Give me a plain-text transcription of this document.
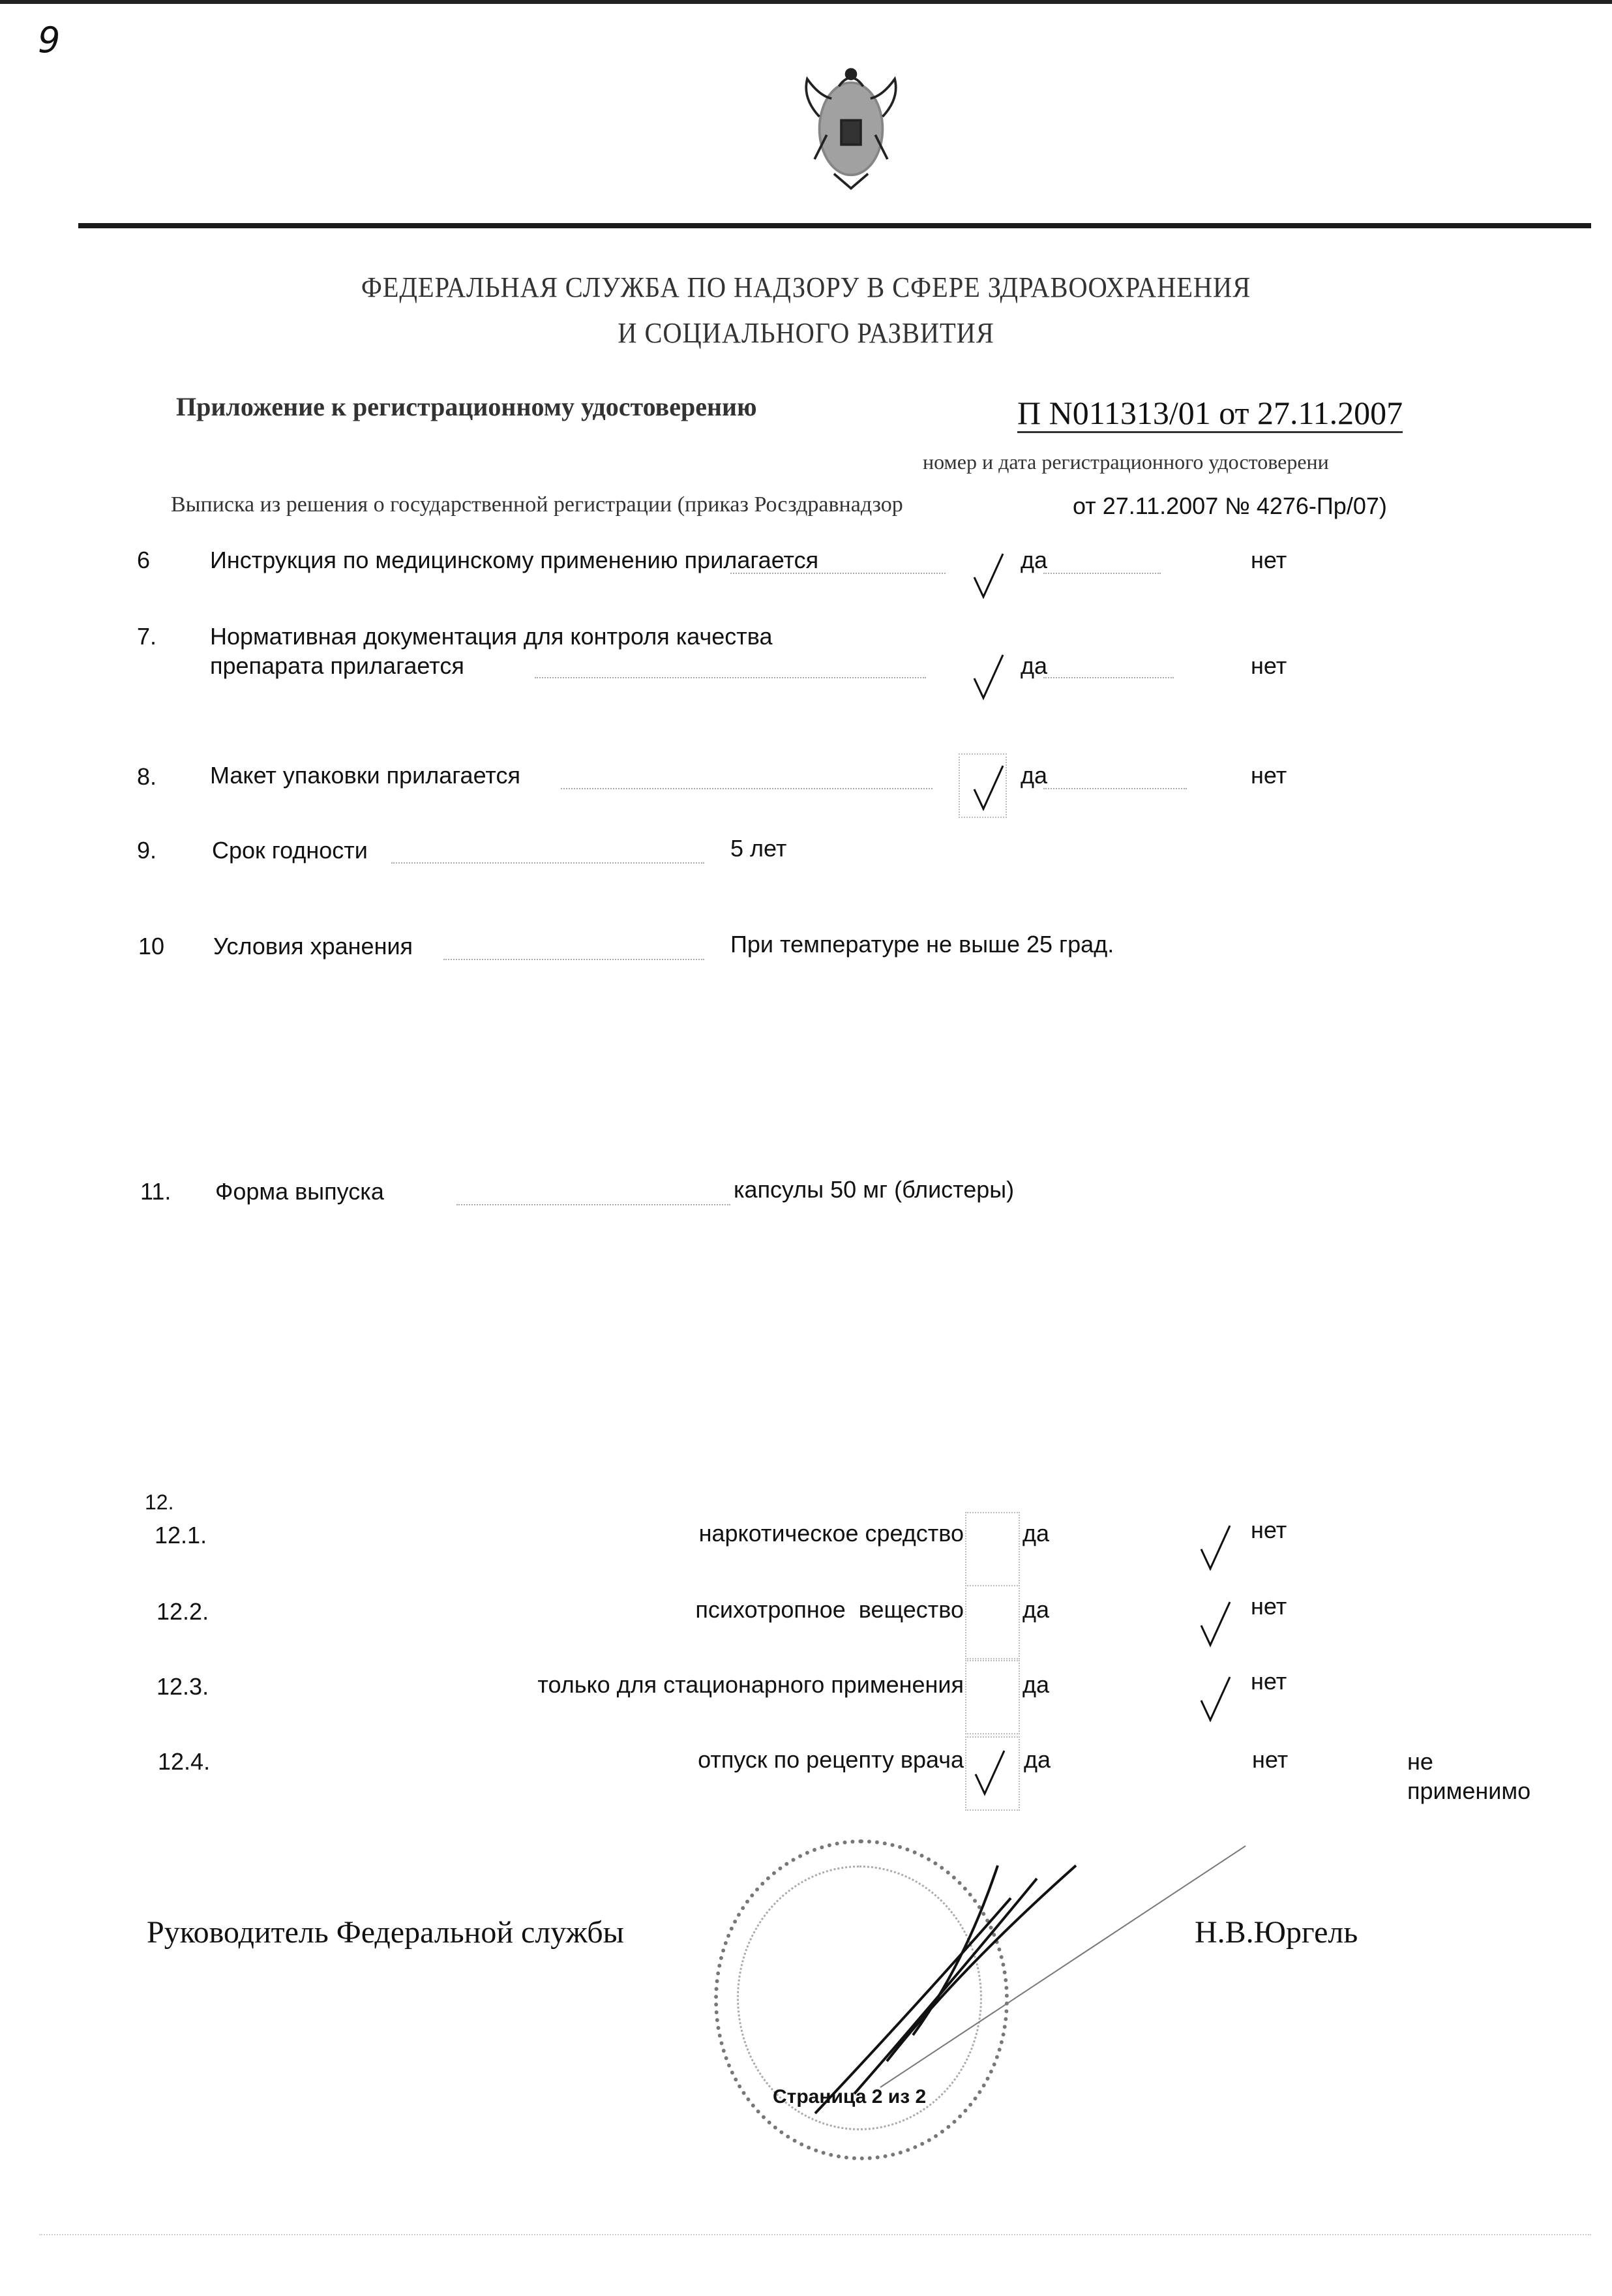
9
ФЕДЕРАЛЬНАЯ СЛУЖБА ПО НАДЗОРУ В СФЕРЕ ЗДРАВООХРАНЕНИЯ
И СОЦИАЛЬНОГО РАЗВИТИЯ
Приложение к регистрационному удостоверению	П N011313/01 от 27.11.2007
номер и дата регистрационного удостоверени
Выписка из решения о государственной регистрации (приказ Росздравнадзор	от 27.11.2007 № 4276-Пр/07)
6	Инструкция по медицинскому применению прилагается	да	нет
7. Нормативная документация для контроля качества
препарата прилагается	да	нет
8. Макет упаковки прилагается	да	нет
9. Срок годности	5 лет
10 Условия хранения	При температуре не выше 25 град.
11. Форма выпуска	капсулы 50 мг (блистеры)
12.
12.1.	наркотическое средство	да	нет
12.2.	психотропное  вещество	да	нет
12.3.	только для стационарного применения	да	нет
12.4.	отпуск по рецепту врача	да	нет	не
применимо
Руководитель Федеральной службы	Н.В.Юргель
Страница 2 из 2
